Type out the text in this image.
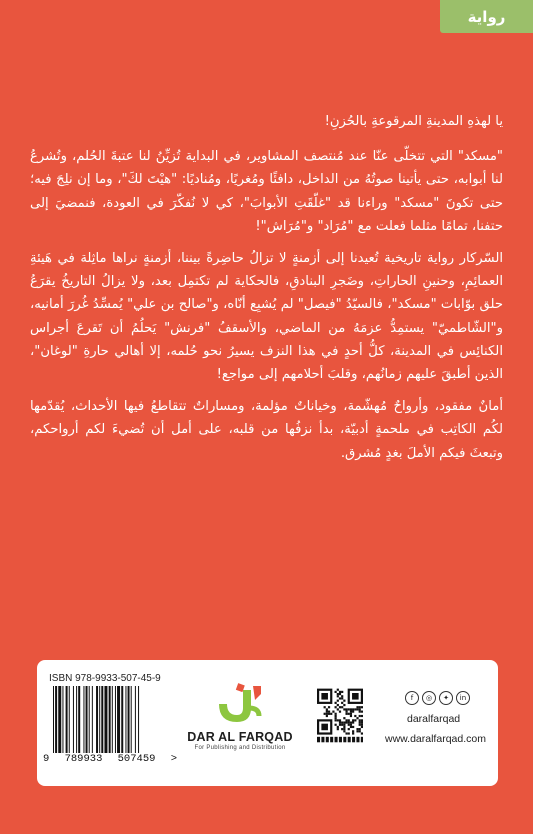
رواية

يا لهذهِ المدينةِ المرقوعةِ بالحُزنِ!

"مسكد" التي تتخلّى عنّا عند مُنتصف المشاوير، في البداية تُزيِّنُ لنا عتبةَ الحُلم، وتُشرعُ لنا أبوابه، حتى يأتينا صوتُهُ من الداخل، دافئًا ومُغريًا، ومُناديًا: "هيْتَ لكَ"، وما إن نلِجَ فيه؛ حتى تكونَ "مسكد" وراءنا قد "غلّقَتِ الأبوابَ"، كي لا نُفكّرَ في العودة، فنمضيَ إلى حتفنا، تمامًا مثلما فعلت مع "مُرَاد" و"مُرَاش"!

السّركار رواية تاريخية تُعيدنا إلى أزمنةٍ لا تزالُ حاضِرةً بيننا، أزمنةٍ نراها ماثِلة في هَيئةِ العمائِمِ، وحنينِ الحاراتِ، وضَجرِ البنادقِ، فالحكاية لم تكتمِل بعد، ولا يزالُ التاريخُ يقرَعُ حلق بوّابات "مسكد"، فالسيّدُ "فيصل" لم يُشبِع أنّاه، و"صالح بن علي" يُمسِّدُ غُررَ أمانيه، و"الشّاطميّ" يستمِدُّ عزمَهُ من الماضي، والأسقفُ "فرنش" يَحلُمُ أن تَقرعَ أجراس الكنائِس في المدينة، كلُّ أحدٍ في هذا النزف يسيرُ نحو حُلمه، إلا أهالي حارةِ "لوغان"، الذين أطبقَ عليهم زمانُهم، وقلبَ أحلامهم إلى مواجع!

أمانٌ مفقود، وأرواحٌ مُهشّمة، وخياناتٌ مؤلمة، ومساراتٌ تتقاطعُ فيها الأحداث، يُقدّمها لكُم الكاتِب في ملحمةٍ أدبيّة، بدأ نزفُها من قلبه، على أمل أن تُضيءَ لكم أرواحكم، وتبعثَ فيكم الأملَ بغدٍ مُشرق.

ISBN 978-9933-507-45-9
9 789933 507459 >
DAR AL FARQAD
For Publishing and Distribution
f	◎	✦	in
daralfarqad
www.daralfarqad.com
